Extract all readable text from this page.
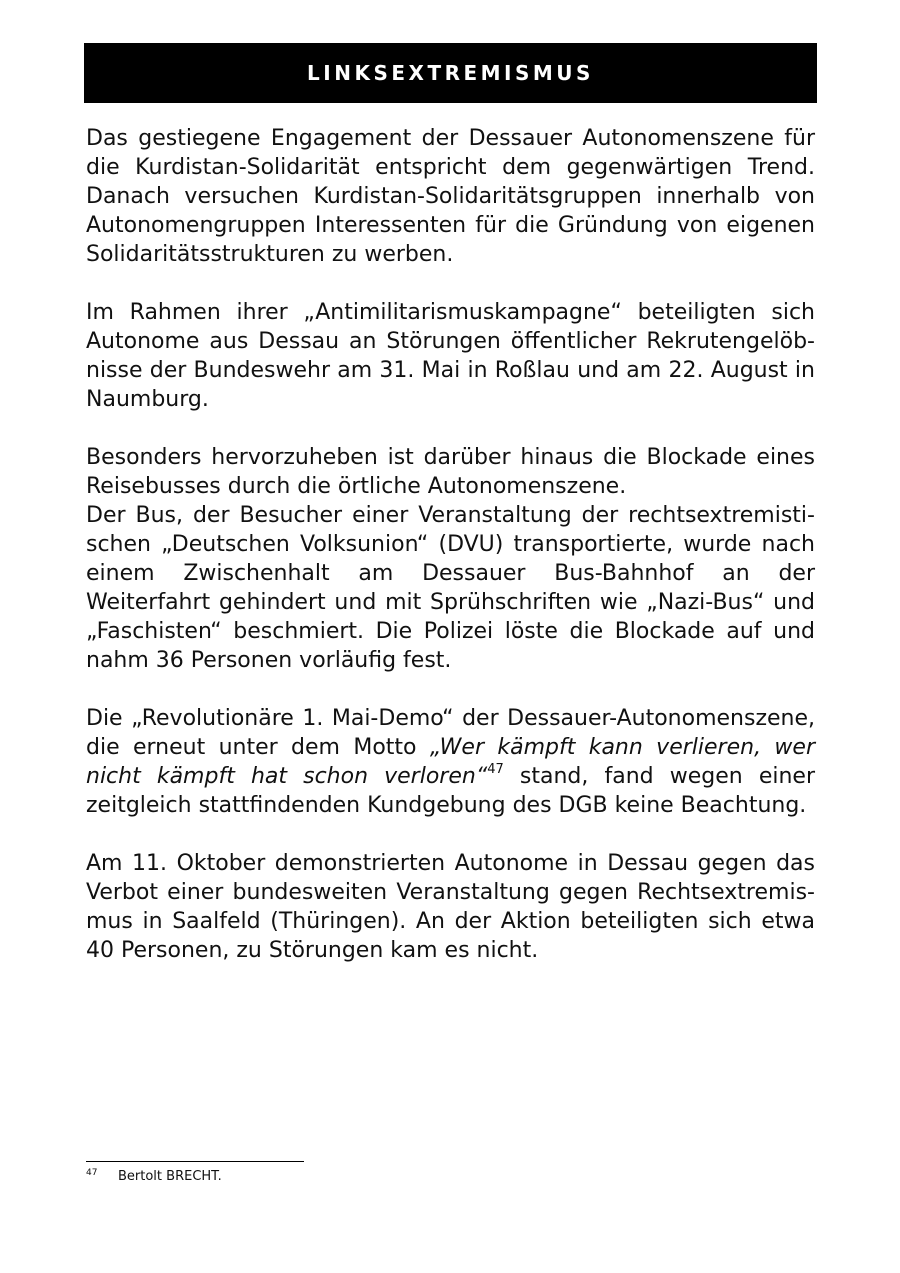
LINKSEXTREMISMUS

Das gestiegene Engagement der Dessauer Autonomenszene für die Kurdistan-Solidarität entspricht dem gegenwärtigen Trend. Danach versuchen Kurdistan-Solidaritätsgruppen innerhalb von Autonomengruppen Interessenten für die Gründung von eigenen Solidaritätsstrukturen zu werben.

Im Rahmen ihrer „Antimilitarismuskampagne“ beteiligten sich Autonome aus Dessau an Störungen öffentlicher Rekrutengelöbnisse der Bundeswehr am 31. Mai in Roßlau und am 22. August in Naumburg.

Besonders hervorzuheben ist darüber hinaus die Blockade eines Reisebusses durch die örtliche Autonomenszene.

Der Bus, der Besucher einer Veranstaltung der rechtsextremistischen „Deutschen Volksunion“ (DVU) transportierte, wurde nach einem Zwischenhalt am Dessauer Bus-Bahnhof an der Weiterfahrt gehindert und mit Sprühschriften wie „Nazi-Bus“ und „Faschisten“ beschmiert. Die Polizei löste die Blockade auf und nahm 36 Personen vorläufig fest.

Die „Revolutionäre 1. Mai-Demo“ der Dessauer-Autonomenszene, die erneut unter dem Motto „Wer kämpft kann verlieren, wer nicht kämpft hat schon verloren“$^{47}$ stand, fand wegen einer zeitgleich stattfindenden Kundgebung des DGB keine Beachtung.

Am 11. Oktober demonstrierten Autonome in Dessau gegen das Verbot einer bundesweiten Veranstaltung gegen Rechtsextremismus in Saalfeld (Thüringen). An der Aktion beteiligten sich etwa 40 Personen, zu Störungen kam es nicht.

47	Bertolt BRECHT.
